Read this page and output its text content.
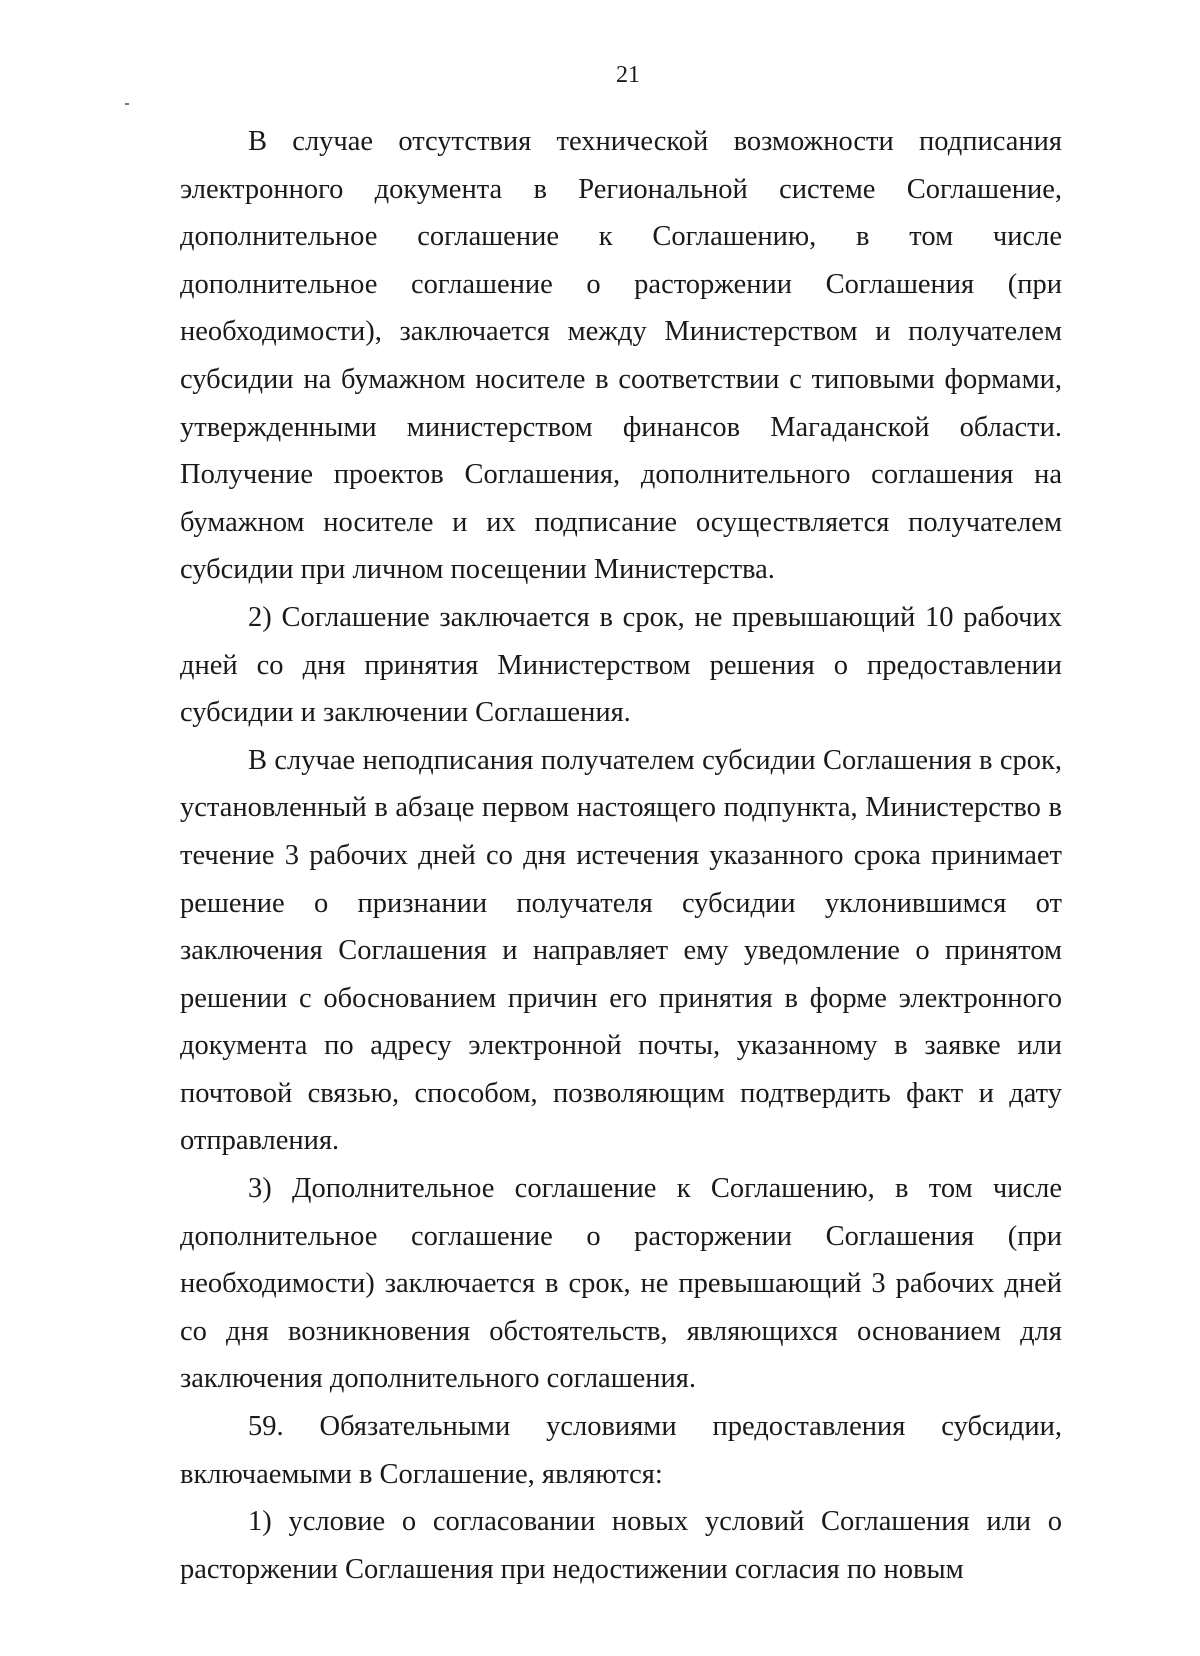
21

В случае отсутствия технической возможности подписания электронного документа в Региональной системе Соглашение, дополнительное соглашение к Соглашению, в том числе дополнительное соглашение о расторжении Соглашения (при необходимости), заключается между Министерством и получателем субсидии на бумажном носителе в соответствии с типовыми формами, утвержденными министерством финансов Магаданской области. Получение проектов Соглашения, дополнительного соглашения на бумажном носителе и их подписание осуществляется получателем субсидии при личном посещении Министерства.

2) Соглашение заключается в срок, не превышающий 10 рабочих дней со дня принятия Министерством решения о предоставлении субсидии и заключении Соглашения.

В случае неподписания получателем субсидии Соглашения в срок, установленный в абзаце первом настоящего подпункта, Министерство в течение 3 рабочих дней со дня истечения указанного срока принимает решение о признании получателя субсидии уклонившимся от заключения Соглашения и направляет ему уведомление о принятом решении с обоснованием причин его принятия в форме электронного документа по адресу электронной почты, указанному в заявке или почтовой связью, способом, позволяющим подтвердить факт и дату отправления.

3) Дополнительное соглашение к Соглашению, в том числе дополнительное соглашение о расторжении Соглашения (при необходимости) заключается в срок, не превышающий 3 рабочих дней со дня возникновения обстоятельств, являющихся основанием для заключения дополнительного соглашения.

59. Обязательными условиями предоставления субсидии, включаемыми в Соглашение, являются:

1) условие о согласовании новых условий Соглашения или о расторжении Соглашения при недостижении согласия по новым
